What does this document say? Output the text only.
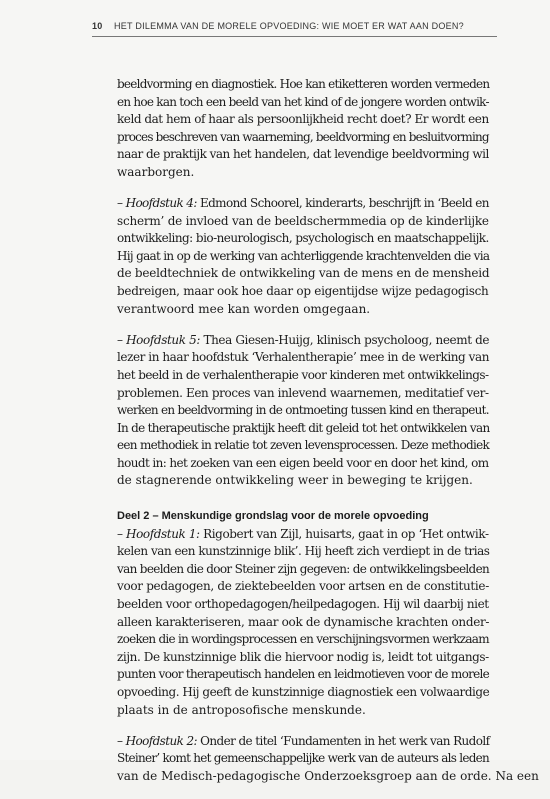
10 HET DILEMMA VAN DE MORELE OPVOEDING: WIE MOET ER WAT AAN DOEN?
beeldvorming en diagnostiek. Hoe kan etiketteren worden vermeden
en hoe kan toch een beeld van het kind of de jongere worden ontwik-
keld dat hem of haar als persoonlijkheid recht doet? Er wordt een
proces beschreven van waarneming, beeldvorming en besluitvorming
naar de praktijk van het handelen, dat levendige beeldvorming wil
waarborgen.
– Hoofdstuk 4: Edmond Schoorel, kinderarts, beschrijft in ‘Beeld en
scherm’ de invloed van de beeldschermmedia op de kinderlijke
ontwikkeling: bio-neurologisch, psychologisch en maatschappelijk.
Hij gaat in op de werking van achterliggende krachtenvelden die via
de beeldtechniek de ontwikkeling van de mens en de mensheid
bedreigen, maar ook hoe daar op eigentijdse wijze pedagogisch
verantwoord mee kan worden omgegaan.
– Hoofdstuk 5: Thea Giesen-Huijg, klinisch psycholoog, neemt de
lezer in haar hoofdstuk ‘Verhalentherapie’ mee in de werking van
het beeld in de verhalentherapie voor kinderen met ontwikkelings-
problemen. Een proces van inlevend waarnemen, meditatief ver-
werken en beeldvorming in de ontmoeting tussen kind en therapeut.
In de therapeutische praktijk heeft dit geleid tot het ontwikkelen van
een methodiek in relatie tot zeven levensprocessen. Deze methodiek
houdt in: het zoeken van een eigen beeld voor en door het kind, om
de stagnerende ontwikkeling weer in beweging te krijgen.
Deel 2 – Menskundige grondslag voor de morele opvoeding
– Hoofdstuk 1: Rigobert van Zijl, huisarts, gaat in op ‘Het ontwik-
kelen van een kunstzinnige blik’. Hij heeft zich verdiept in de trias
van beelden die door Steiner zijn gegeven: de ontwikkelingsbeelden
voor pedagogen, de ziektebeelden voor artsen en de constitutie-
beelden voor orthopedagogen/heilpedagogen. Hij wil daarbij niet
alleen karakteriseren, maar ook de dynamische krachten onder-
zoeken die in wordingsprocessen en verschijningsvormen werkzaam
zijn. De kunstzinnige blik die hiervoor nodig is, leidt tot uitgangs-
punten voor therapeutisch handelen en leidmotieven voor de morele
opvoeding. Hij geeft de kunstzinnige diagnostiek een volwaardige
plaats in de antroposofische menskunde.
– Hoofdstuk 2: Onder de titel ‘Fundamenten in het werk van Rudolf
Steiner’ komt het gemeenschappelijke werk van de auteurs als leden
van de Medisch-pedagogische Onderzoeksgroep aan de orde. Na een
